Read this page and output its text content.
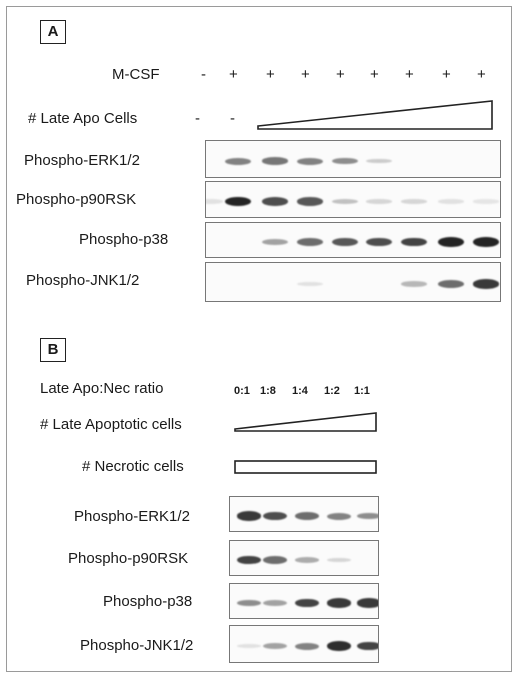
A
M-CSF	- + + + + + + + +
# Late Apo Cells	- -
Phospho-ERK1/2
Phospho-p90RSK
Phospho-p38
Phospho-JNK1/2
B
Late Apo:Nec ratio	0:1 1:8 1:4 1:2 1:1
# Late Apoptotic cells
# Necrotic cells
Phospho-ERK1/2
Phospho-p90RSK
Phospho-p38
Phospho-JNK1/2
